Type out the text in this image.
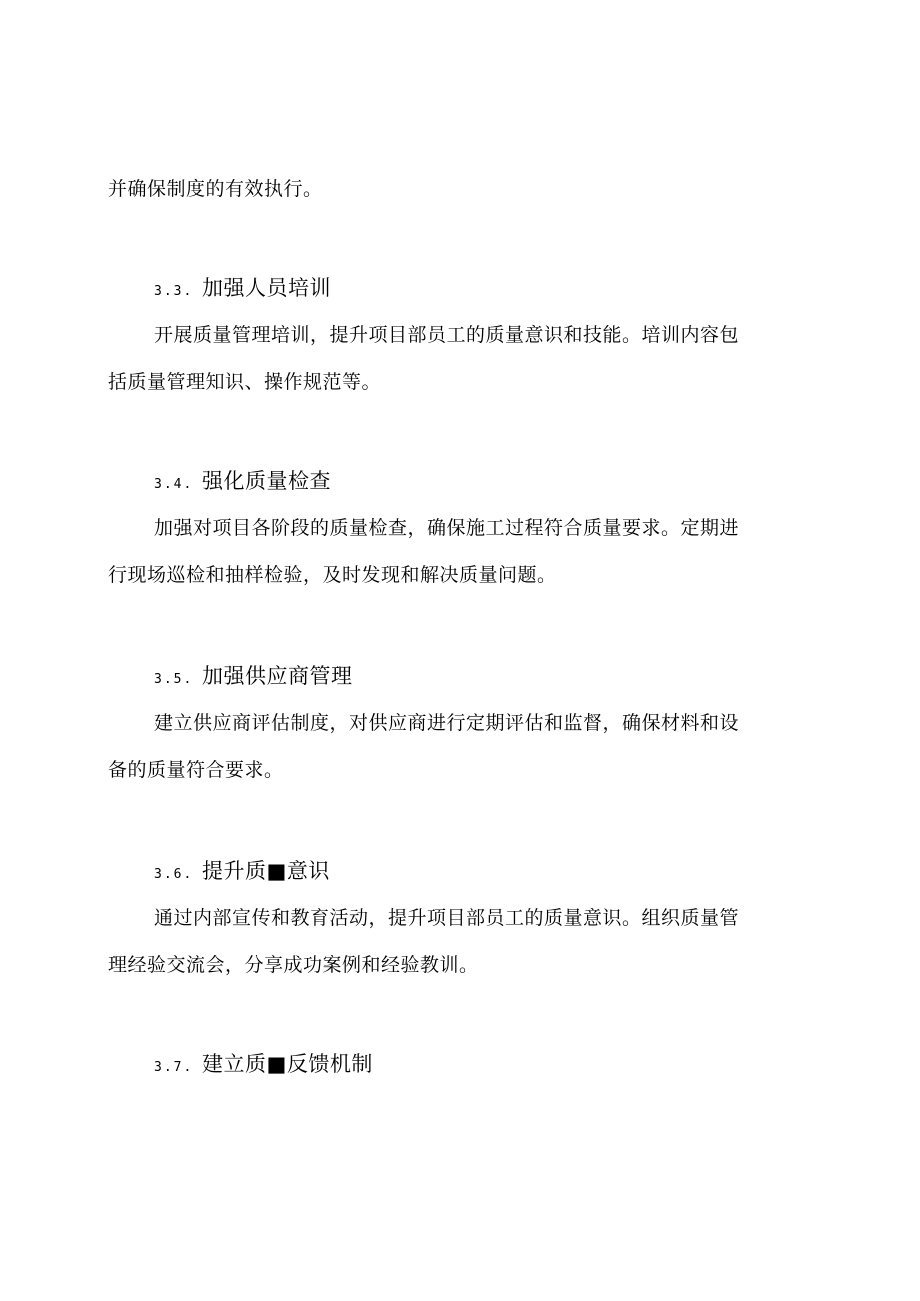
并确保制度的有效执行。

3.3. 加强人员培训

开展质量管理培训，提升项目部员工的质量意识和技能。培训内容包
括质量管理知识、操作规范等。

3.4. 强化质量检查

加强对项目各阶段的质量检查，确保施工过程符合质量要求。定期进
行现场巡检和抽样检验，及时发现和解决质量问题。

3.5. 加强供应商管理

建立供应商评估制度，对供应商进行定期评估和监督，确保材料和设
备的质量符合要求。

3.6. 提升质■意识

通过内部宣传和教育活动，提升项目部员工的质量意识。组织质量管
理经验交流会，分享成功案例和经验教训。

3.7. 建立质■反馈机制
